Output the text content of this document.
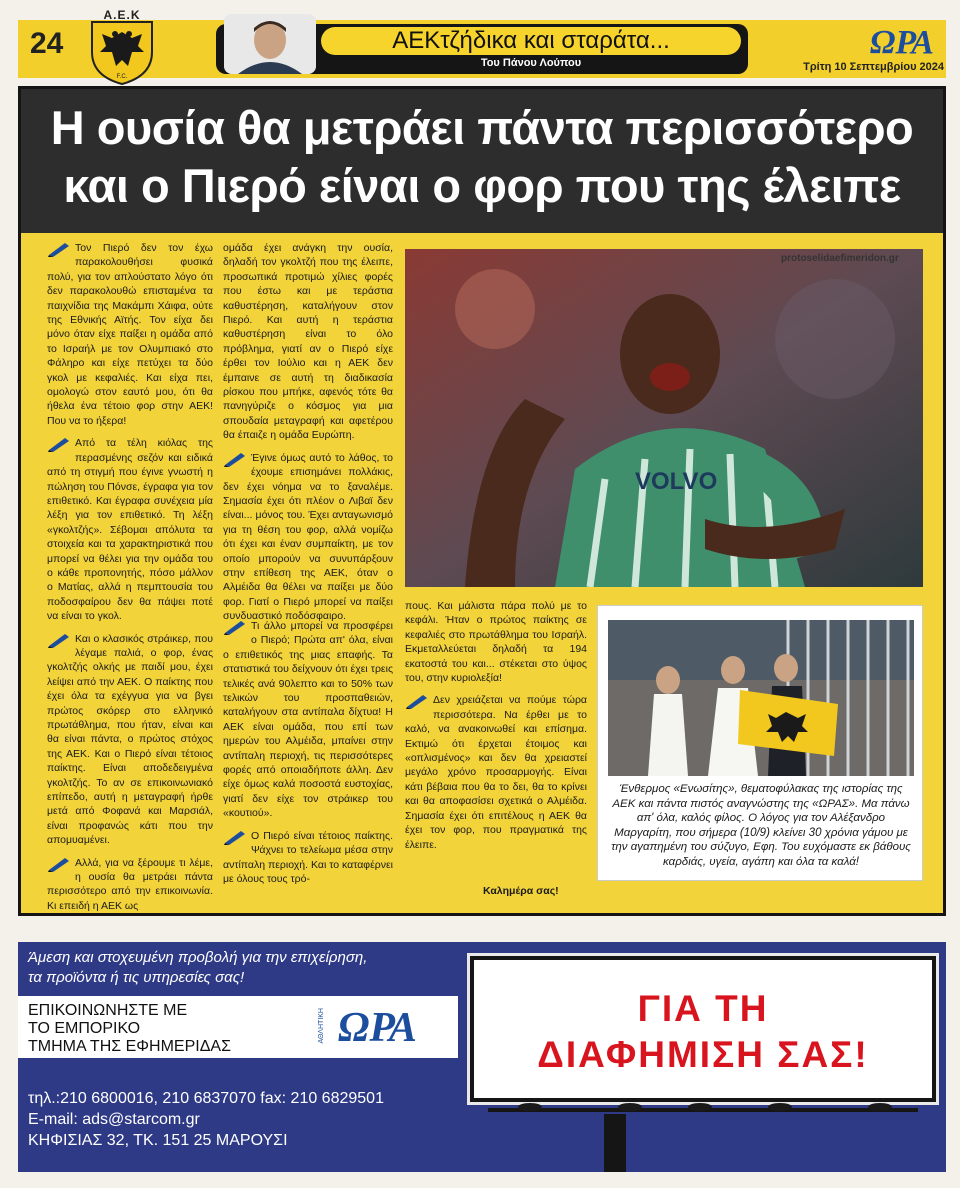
24
Α.Ε.Κ
F.C.
ΑΕΚτζήδικα και σταράτα...
Του Πάνου Λούπου
ΩΡΑ
Τρίτη 10 Σεπτεμβρίου 2024
Η ουσία θα μετράει πάντα περισσότερο
και ο Πιερό είναι ο φορ που της έλειπε

Τον Πιερό δεν τον έχω παρακολουθήσει φυσικά πολύ, για τον απλούστατο λόγο ότι δεν παρακολουθώ επισταμένα τα παιχνίδια της Μακάμπι Χάιφα, ούτε της Εθνικής Αϊτής. Τον είχα δει μόνο όταν είχε παίξει η ομάδα από το Ισραήλ με τον Ολυμπιακό στο Φάληρο και είχε πετύχει τα δύο γκολ με κεφαλιές. Και είχα πει, ομολογώ στον εαυτό μου, ότι θα ήθελα ένα τέτοιο φορ στην ΑΕΚ! Που να το ήξερα!

Από τα τέλη κιόλας της περασμένης σεζόν και ειδικά από τη στιγμή που έγινε γνωστή η πώληση του Πόνσε, έγραφα για τον επιθετικό. Και έγραφα συνέχεια μία λέξη για τον επιθετικό. Τη λέξη «γκολτζής». Σέβομαι απόλυτα τα στοιχεία και τα χαρακτηριστικά που μπορεί να θέλει για την ομάδα του ο κάθε προπονητής, πόσο μάλλον ο Ματίας, αλλά η πεμπτουσία του ποδοσφαίρου δεν θα πάψει ποτέ να είναι το γκολ.

Και ο κλασικός στράικερ, που λέγαμε παλιά, ο φορ, ένας γκολτζής ολκής με παιδί μου, έχει λείψει από την ΑΕΚ. Ο παίκτης που έχει όλα τα εχέγγυα για να βγει πρώτος σκόρερ στο ελληνικό πρωτάθλημα, που ήταν, είναι και θα είναι πάντα, ο πρώτος στόχος της ΑΕΚ. Και ο Πιερό είναι τέτοιος παίκτης. Είναι αποδεδειγμένα γκολτζής. Το αν σε επικοινωνιακό επίπεδο, αυτή η μεταγραφή ήρθε μετά από Φοφανά και Μαρσιάλ, είναι προφανώς κάτι που την απομυαμένει.

Αλλά, για να ξέρουμε τι λέμε, η ουσία θα μετράει πάντα περισσότερο από την επικοινωνία. Κι επειδή η ΑΕΚ ως

ομάδα έχει ανάγκη την ουσία, δηλαδή τον γκολτζή που της έλειπε, προσωπικά προτιμώ χίλιες φορές που έστω και με τεράστια καθυστέρηση, καταλήγουν στον Πιερό. Και αυτή η τεράστια καθυστέρηση είναι το όλο πρόβλημα, γιατί αν ο Πιερό είχε έρθει τον Ιούλιο και η ΑΕΚ δεν έμπαινε σε αυτή τη διαδικασία ρίσκου που μπήκε, αφενός τότε θα πανηγύριζε ο κόσμος για μια σπουδαία μεταγραφή και αφετέρου θα έπαιζε η ομάδα Ευρώπη.

Έγινε όμως αυτό το λάθος, το έχουμε επισημάνει πολλάκις, δεν έχει νόημα να το ξαναλέμε. Σημασία έχει ότι πλέον ο Λιβαϊ δεν είναι... μόνος του. Έχει ανταγωνισμό για τη θέση του φορ, αλλά νομίζω ότι έχει και έναν συμπαίκτη, με τον οποίο μπορούν να συνυπάρξουν στην επίθεση της ΑΕΚ, όταν ο Αλμέιδα θα θέλει να παίξει με δύο φορ. Γιατί ο Πιερό μπορεί να παίξει συνδυαστικό ποδόσφαιρο.

Τι άλλο μπορεί να προσφέρει ο Πιερό; Πρώτα απ' όλα, είναι ο επιθετικός της μιας επαφής. Τα στατιστικά του δείχνουν ότι έχει τρεις τελικές ανά 90λεπτο και το 50% των τελικών του προσπαθειών, καταλήγουν στα αντίπαλα δίχτυα! Η ΑΕΚ είναι ομάδα, που επί των ημερών του Αλμέιδα, μπαίνει στην αντίπαλη περιοχή, τις περισσότερες φορές από οποιαδήποτε άλλη. Δεν είχε όμως καλά ποσοστά ευστοχίας, γιατί δεν είχε τον στράικερ του «κουτιού».

Ο Πιερό είναι τέτοιος παίκτης. Ψάχνει το τελείωμα μέσα στην αντίπαλη περιοχή. Και το καταφέρνει με όλους τους τρό-

VOLVO
protoselidaefimeridon.gr

πους. Και μάλιστα πάρα πολύ με το κεφάλι. Ήταν ο πρώτος παίκτης σε κεφαλιές στο πρωτάθλημα του Ισραήλ. Εκμεταλλεύεται δηλαδή τα 194 εκατοστά του και... στέκεται στο ύψος του, στην κυριολεξία!

Δεν χρειάζεται να πούμε τώρα περισσότερα. Να έρθει με το καλό, να ανακοινωθεί και επίσημα. Εκτιμώ ότι έρχεται έτοιμος και «οπλισμένος» και δεν θα χρειαστεί μεγάλο χρόνο προσαρμογής. Είναι κάτι βέβαια που θα το δει, θα το κρίνει και θα αποφασίσει σχετικά ο Αλμέιδα. Σημασία έχει ότι επιτέλους η ΑΕΚ θα έχει τον φορ, που πραγματικά της έλειπε.

Καλημέρα σας!
Ένθερμος «Ενωσίτης», θεματοφύλακας της ιστορίας της ΑΕΚ και πάντα πιστός αναγνώστης της «ΩΡΑΣ». Μα πάνω απ' όλα, καλός φίλος. Ο λόγος για τον Αλέξανδρο Μαργαρίτη, που σήμερα (10/9) κλείνει 30 χρόνια γάμου με την αγαπημένη του σύζυγο, Εφη. Του ευχόμαστε εκ βάθους καρδιάς, υγεία, αγάπη και όλα τα καλά!
Άμεση και στοχευμένη προβολή για την επιχείρηση,
τα προϊόντα ή τις υπηρεσίες σας!
ΕΠΙΚΟΙΝΩΝΗΣΤΕ ΜΕ
ΤΟ ΕΜΠΟΡΙΚΟ
ΤΜΗΜΑ ΤΗΣ ΕΦΗΜΕΡΙΔΑΣ
ΑΘΛΗΤΙΚΗ ΩΡΑ
τηλ.:210 6800016, 210 6837070 fax: 210 6829501
E-mail: ads@starcom.gr
ΚΗΦΙΣΙΑΣ 32, ΤΚ. 151 25 ΜΑΡΟΥΣΙ
ΓΙΑ ΤΗ
ΔΙΑΦΗΜΙΣΗ ΣΑΣ!
